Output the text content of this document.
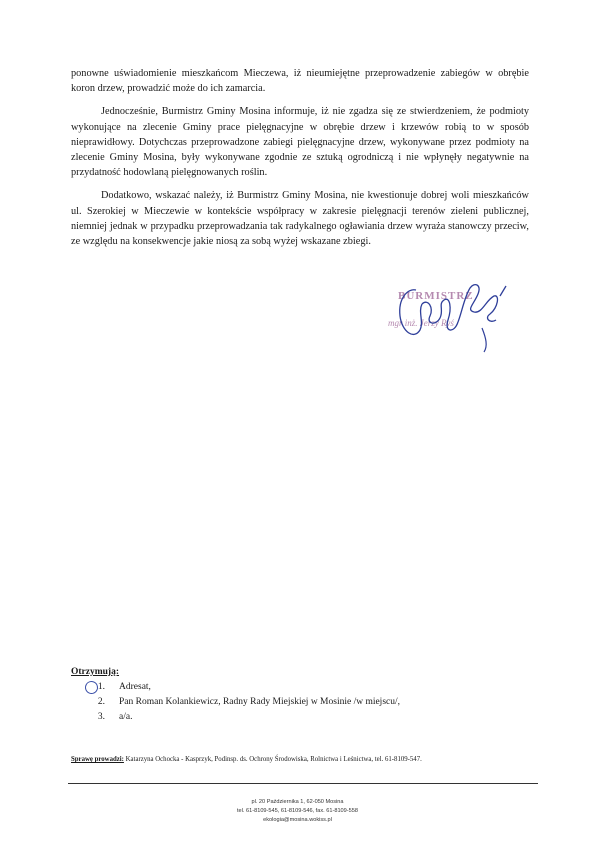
ponowne uświadomienie mieszkańcom Mieczewa, iż nieumiejętne przeprowadzenie zabiegów w obrębie koron drzew, prowadzić może do ich zamarcia.

Jednocześnie, Burmistrz Gminy Mosina informuje, iż nie zgadza się ze stwierdzeniem, że podmioty wykonujące na zlecenie Gminy prace pielęgnacyjne w obrębie drzew i krzewów robią to w sposób nieprawidłowy. Dotychczas przeprowadzone zabiegi pielęgnacyjne drzew, wykonywane przez podmioty na zlecenie Gminy Mosina, były wykonywane zgodnie ze sztuką ogrodniczą i nie wpłynęły negatywnie na przydatność hodowlaną pielęgnowanych roślin.

Dodatkowo, wskazać należy, iż Burmistrz Gminy Mosina, nie kwestionuje dobrej woli mieszkańców ul. Szerokiej w Mieczewie w kontekście współpracy w zakresie pielęgnacji terenów zieleni publicznej, niemniej jednak w przypadku przeprowadzania tak radykalnego ogławiania drzew wyraża stanowczy przeciw, ze względu na konsekwencje jakie niosą za sobą wyżej wskazane zbiegi.

BURMISTRZ
mgr inż. Jerzy Ryś
Otrzymują:
1. Adresat,
2. Pan Roman Kolankiewicz, Radny Rady Miejskiej w Mosinie /w miejscu/,
3. a/a.
Sprawę prowadzi: Katarzyna Ochocka - Kasprzyk, Podinsp. ds. Ochrony Środowiska, Rolnictwa i Leśnictwa, tel. 61-8109-547.
pl. 20 Października 1, 62-050 Mosina
tel. 61-8109-545, 61-8109-546, fax. 61-8109-558
ekologia@mosina.wokiss.pl
